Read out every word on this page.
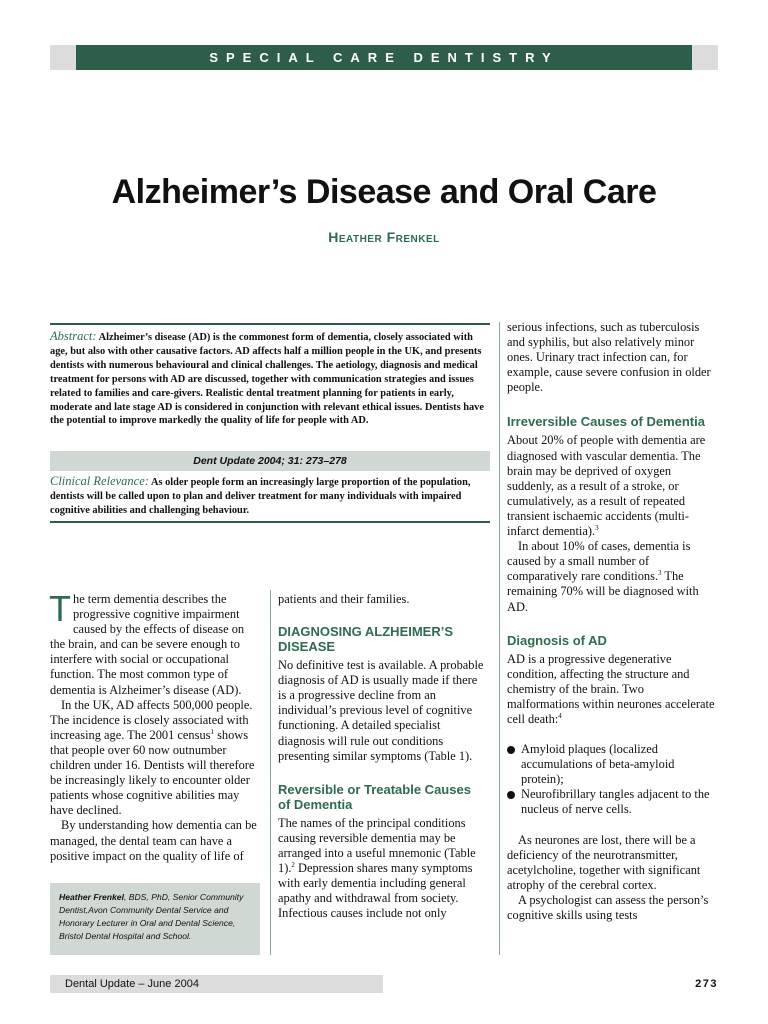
SPECIAL CARE DENTISTRY
Alzheimer’s Disease and Oral Care
Heather Frenkel
Abstract: Alzheimer’s disease (AD) is the commonest form of dementia, closely associated with age, but also with other causative factors. AD affects half a million people in the UK, and presents dentists with numerous behavioural and clinical challenges. The aetiology, diagnosis and medical treatment for persons with AD are discussed, together with communication strategies and issues related to families and care-givers. Realistic dental treatment planning for patients in early, moderate and late stage AD is considered in conjunction with relevant ethical issues. Dentists have the potential to improve markedly the quality of life for people with AD.
Dent Update 2004; 31: 273–278
Clinical Relevance: As older people form an increasingly large proportion of the population, dentists will be called upon to plan and deliver treatment for many individuals with impaired cognitive abilities and challenging behaviour.

The term dementia describes the progressive cognitive impairment caused by the effects of disease on the brain, and can be severe enough to interfere with social or occupational function. The most common type of dementia is Alzheimer’s disease (AD).

In the UK, AD affects 500,000 people. The incidence is closely associated with increasing age. The 2001 census$^1$ shows that people over 60 now outnumber children under 16. Dentists will therefore be increasingly likely to encounter older patients whose cognitive abilities may have declined.

By understanding how dementia can be managed, the dental team can have a positive impact on the quality of life of

Heather Frenkel, BDS, PhD, Senior Community Dentist,Avon Community Dental Service and Honorary Lecturer in Oral and Dental Science, Bristol Dental Hospital and School.

patients and their families.

DIAGNOSING ALZHEIMER’S DISEASE

No definitive test is available. A probable diagnosis of AD is usually made if there is a progressive decline from an individual’s previous level of cognitive functioning. A detailed specialist diagnosis will rule out conditions presenting similar symptoms (Table 1).

Reversible or Treatable Causes of Dementia

The names of the principal conditions causing reversible dementia may be arranged into a useful mnemonic (Table 1).$^2$ Depression shares many symptoms with early dementia including general apathy and withdrawal from society. Infectious causes include not only

serious infections, such as tuberculosis and syphilis, but also relatively minor ones. Urinary tract infection can, for example, cause severe confusion in older people.

Irreversible Causes of Dementia

About 20% of people with dementia are diagnosed with vascular dementia. The brain may be deprived of oxygen suddenly, as a result of a stroke, or cumulatively, as a result of repeated transient ischaemic accidents (multi-infarct dementia).$^3$

In about 10% of cases, dementia is caused by a small number of comparatively rare conditions.$^3$ The remaining 70% will be diagnosed with AD.

Diagnosis of AD

AD is a progressive degenerative condition, affecting the structure and chemistry of the brain. Two malformations within neurones accelerate cell death:$^4$

Amyloid plaques (localized accumulations of beta-amyloid protein);
Neurofibrillary tangles adjacent to the nucleus of nerve cells.

As neurones are lost, there will be a deficiency of the neurotransmitter, acetylcholine, together with significant atrophy of the cerebral cortex.

A psychologist can assess the person’s cognitive skills using tests

Dental Update – June 2004	273
